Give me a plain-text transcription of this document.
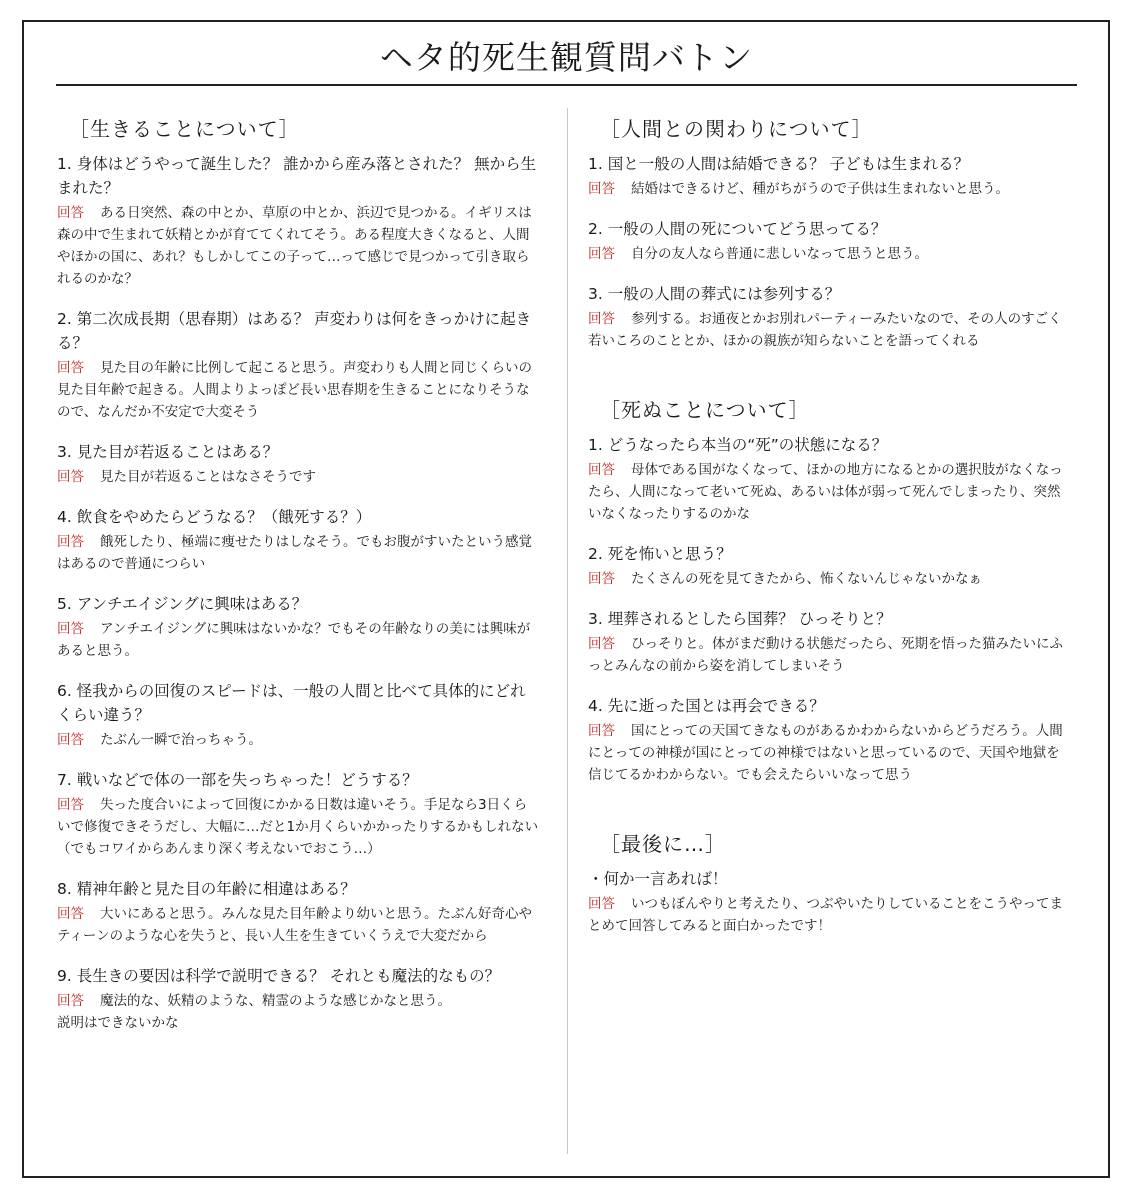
ヘタ的死生観質問バトン
［生きることについて］

1. 身体はどうやって誕生した？ 誰かから産み落とされた？ 無から生まれた？

回答 ある日突然、森の中とか、草原の中とか、浜辺で見つかる。イギリスは森の中で生まれて妖精とかが育ててくれてそう。ある程度大きくなると、人間やほかの国に、あれ？もしかしてこの子って…って感じで見つかって引き取られるのかな？

2. 第二次成長期（思春期）はある？ 声変わりは何をきっかけに起きる？

回答 見た目の年齢に比例して起こると思う。声変わりも人間と同じくらいの見た目年齢で起きる。人間よりよっぽど長い思春期を生きることになりそうなので、なんだか不安定で大変そう

3. 見た目が若返ることはある？

回答 見た目が若返ることはなさそうです

4. 飲食をやめたらどうなる？（餓死する？）

回答 餓死したり、極端に痩せたりはしなそう。でもお腹がすいたという感覚はあるので普通につらい

5. アンチエイジングに興味はある？

回答 アンチエイジングに興味はないかな？でもその年齢なりの美には興味があると思う。

6. 怪我からの回復のスピードは、一般の人間と比べて具体的にどれくらい違う？

回答 たぶん一瞬で治っちゃう。

7. 戦いなどで体の一部を失っちゃった！どうする？

回答 失った度合いによって回復にかかる日数は違いそう。手足なら3日くらいで修復できそうだし、大幅に…だと1か月くらいかかったりするかもしれない（でもコワイからあんまり深く考えないでおこう…）

8. 精神年齢と見た目の年齢に相違はある？

回答 大いにあると思う。みんな見た目年齢より幼いと思う。たぶん好奇心やティーンのような心を失うと、長い人生を生きていくうえで大変だから

9. 長生きの要因は科学で説明できる？ それとも魔法的なもの？

回答 魔法的な、妖精のような、精霊のような感じかなと思う。
説明はできないかな

［人間との関わりについて］

1. 国と一般の人間は結婚できる？ 子どもは生まれる？

回答 結婚はできるけど、種がちがうので子供は生まれないと思う。

2. 一般の人間の死についてどう思ってる？

回答 自分の友人なら普通に悲しいなって思うと思う。

3. 一般の人間の葬式には参列する？

回答 参列する。お通夜とかお別れパーティーみたいなので、その人のすごく若いころのこととか、ほかの親族が知らないことを語ってくれる

［死ぬことについて］

1. どうなったら本当の“死”の状態になる？

回答 母体である国がなくなって、ほかの地方になるとかの選択肢がなくなったら、人間になって老いて死ぬ、あるいは体が弱って死んでしまったり、突然いなくなったりするのかな

2. 死を怖いと思う？

回答 たくさんの死を見てきたから、怖くないんじゃないかなぁ

3. 埋葬されるとしたら国葬？ ひっそりと？

回答 ひっそりと。体がまだ動ける状態だったら、死期を悟った猫みたいにふっとみんなの前から姿を消してしまいそう

4. 先に逝った国とは再会できる？

回答 国にとっての天国てきなものがあるかわからないからどうだろう。人間にとっての神様が国にとっての神様ではないと思っているので、天国や地獄を信じてるかわからない。でも会えたらいいなって思う

［最後に…］

・何か一言あれば！

回答 いつもぼんやりと考えたり、つぶやいたりしていることをこうやってまとめて回答してみると面白かったです！
